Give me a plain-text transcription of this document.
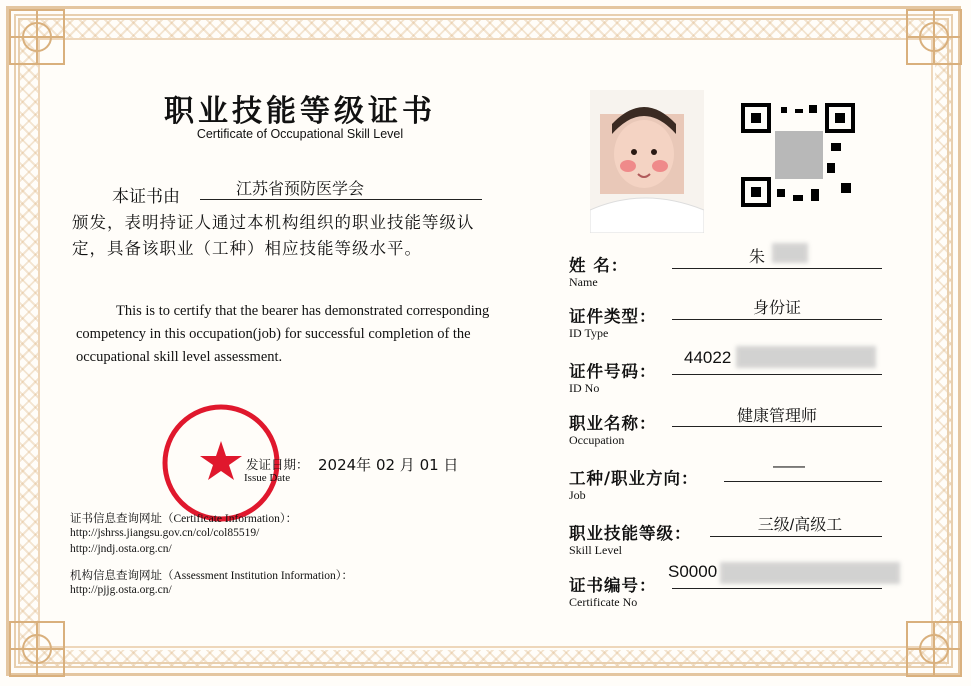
职业技能等级证书
Certificate of Occupational Skill Level
本证书由	江苏省预防医学会
颁发，表明持证人通过本机构组织的职业技能等级认定，具备该职业（工种）相应技能等级水平。
This is to certify that the bearer has demonstrated corresponding competency in this occupation(job) for successful completion of the occupational skill level assessment.
发证日期：
Issue Date
2024年 02 月 01 日
证书信息查询网址（Certificate Information）：
http://jshrss.jiangsu.gov.cn/col/col85519/
http://jndj.osta.org.cn/
机构信息查询网址（Assessment Institution Information）：
http://pjjg.osta.org.cn/
姓 名：
Name
朱
证件类型：
ID Type
身份证
证件号码：
ID No
44022
职业名称：
Occupation
健康管理师
工种/职业方向：
Job
——
职业技能等级：
Skill Level
三级/高级工
证书编号：
Certificate No
S0000
